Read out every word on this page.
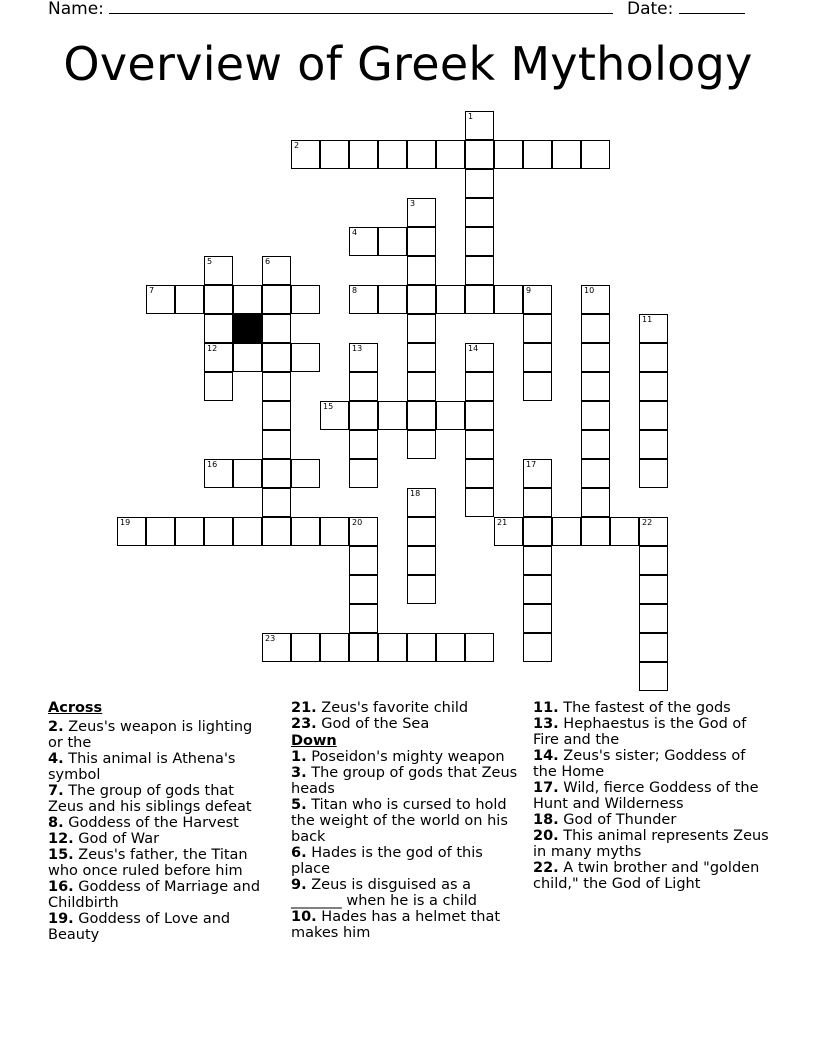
Name:	Date:
Overview of Greek Mythology
1
2
3
4
5	6
7	8	9	10
11
12	13	14
15
16	17
18
19	20	21	22
23
Across
2. Zeus's weapon is lighting or the
4. This animal is Athena's symbol
7. The group of gods that Zeus and his siblings defeat
8. Goddess of the Harvest
12. God of War
15. Zeus's father, the Titan who once ruled before him
16. Goddess of Marriage and Childbirth
19. Goddess of Love and Beauty
21. Zeus's favorite child
23. God of the Sea
Down
1. Poseidon's mighty weapon
3. The group of gods that Zeus heads
5. Titan who is cursed to hold the weight of the world on his back
6. Hades is the god of this place
9. Zeus is disguised as a _______ when he is a child
10. Hades has a helmet that makes him
11. The fastest of the gods
13. Hephaestus is the God of Fire and the
14. Zeus's sister; Goddess of the Home
17. Wild, fierce Goddess of the Hunt and Wilderness
18. God of Thunder
20. This animal represents Zeus in many myths
22. A twin brother and "golden child," the God of Light
